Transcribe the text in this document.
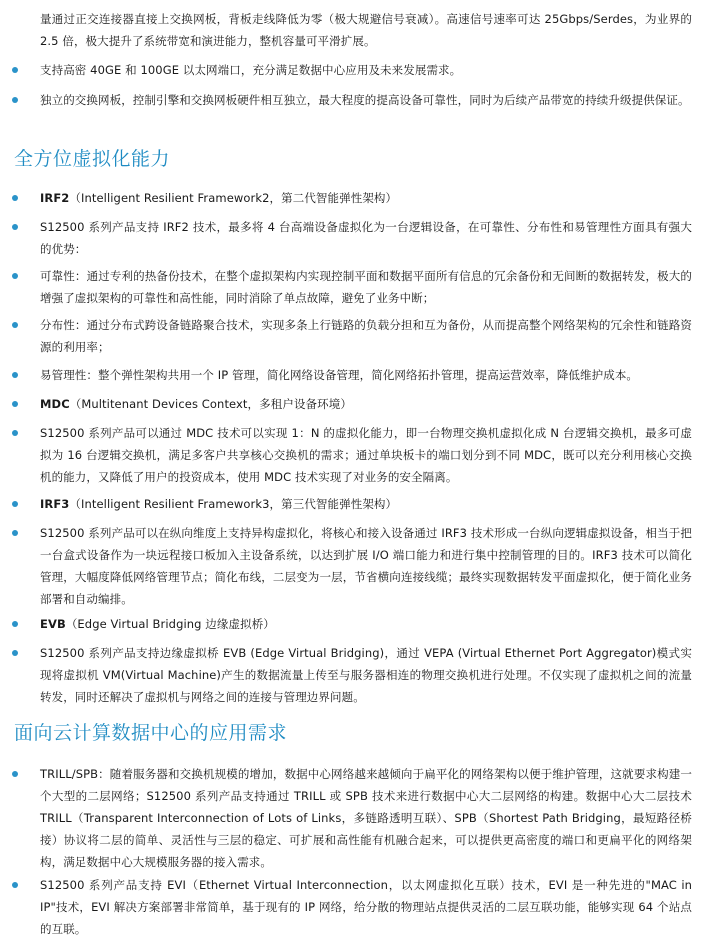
量通过正交连接器直接上交换网板，背板走线降低为零（极大规避信号衰减）。高速信号速率可达 25Gbps/Serdes，为业界的 2.5 倍，极大提升了系统带宽和演进能力，整机容量可平滑扩展。

支持高密 40GE 和 100GE 以太网端口，充分满足数据中心应用及未来发展需求。

独立的交换网板，控制引擎和交换网板硬件相互独立，最大程度的提高设备可靠性，同时为后续产品带宽的持续升级提供保证。

全方位虚拟化能力

IRF2（Intelligent Resilient Framework2，第二代智能弹性架构）

S12500 系列产品支持 IRF2 技术，最多将 4 台高端设备虚拟化为一台逻辑设备，在可靠性、分布性和易管理性方面具有强大的优势：

可靠性：通过专利的热备份技术，在整个虚拟架构内实现控制平面和数据平面所有信息的冗余备份和无间断的数据转发，极大的增强了虚拟架构的可靠性和高性能，同时消除了单点故障，避免了业务中断；

分布性：通过分布式跨设备链路聚合技术，实现多条上行链路的负载分担和互为备份，从而提高整个网络架构的冗余性和链路资源的利用率；

易管理性：整个弹性架构共用一个 IP 管理，简化网络设备管理，简化网络拓扑管理，提高运营效率，降低维护成本。

MDC（Multitenant Devices Context，多租户设备环境）

S12500 系列产品可以通过 MDC 技术可以实现 1：N 的虚拟化能力，即一台物理交换机虚拟化成 N 台逻辑交换机，最多可虚拟为 16 台逻辑交换机，满足多客户共享核心交换机的需求；通过单块板卡的端口划分到不同 MDC，既可以充分利用核心交换机的能力，又降低了用户的投资成本，使用 MDC 技术实现了对业务的安全隔离。

IRF3（Intelligent Resilient Framework3，第三代智能弹性架构）

S12500 系列产品可以在纵向维度上支持异构虚拟化，将核心和接入设备通过 IRF3 技术形成一台纵向逻辑虚拟设备，相当于把一台盒式设备作为一块远程接口板加入主设备系统，以达到扩展 I/O 端口能力和进行集中控制管理的目的。IRF3 技术可以简化管理，大幅度降低网络管理节点；简化布线，二层变为一层，节省横向连接线缆；最终实现数据转发平面虚拟化，便于简化业务部署和自动编排。

EVB（Edge Virtual Bridging 边缘虚拟桥）

S12500 系列产品支持边缘虚拟桥 EVB (Edge Virtual Bridging)，通过 VEPA (Virtual Ethernet Port Aggregator)模式实现将虚拟机 VM(Virtual Machine)产生的数据流量上传至与服务器相连的物理交换机进行处理。不仅实现了虚拟机之间的流量转发，同时还解决了虚拟机与网络之间的连接与管理边界问题。

面向云计算数据中心的应用需求

TRILL/SPB：随着服务器和交换机规模的增加，数据中心网络越来越倾向于扁平化的网络架构以便于维护管理，这就要求构建一个大型的二层网络；S12500 系列产品支持通过 TRILL 或 SPB 技术来进行数据中心大二层网络的构建。数据中心大二层技术 TRILL（Transparent Interconnection of Lots of Links，多链路透明互联）、SPB（Shortest Path Bridging，最短路径桥接）协议将二层的简单、灵活性与三层的稳定、可扩展和高性能有机融合起来，可以提供更高密度的端口和更扁平化的网络架构，满足数据中心大规模服务器的接入需求。

S12500 系列产品支持 EVI（Ethernet Virtual Interconnection，以太网虚拟化互联）技术，EVI 是一种先进的"MAC in IP"技术，EVI 解决方案部署非常简单，基于现有的 IP 网络，给分散的物理站点提供灵活的二层互联功能，能够实现 64 个站点的互联。
